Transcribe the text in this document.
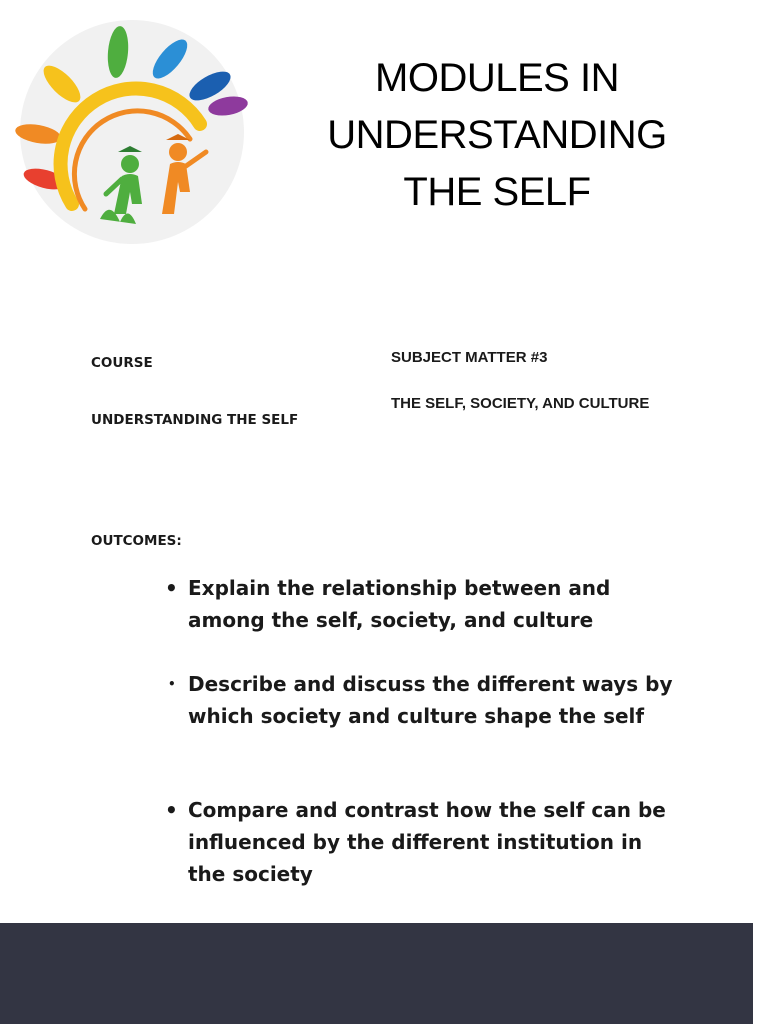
MODULES IN
UNDERSTANDING
THE SELF

COURSE

UNDERSTANDING THE SELF

SUBJECT MATTER #3

THE SELF, SOCIETY, AND CULTURE

OUTCOMES:

• Explain the relationship between and among the self, society, and culture
• Describe and discuss the different ways by which society and culture shape the self
• Compare and contrast how the self can be influenced by the different institution in the society
